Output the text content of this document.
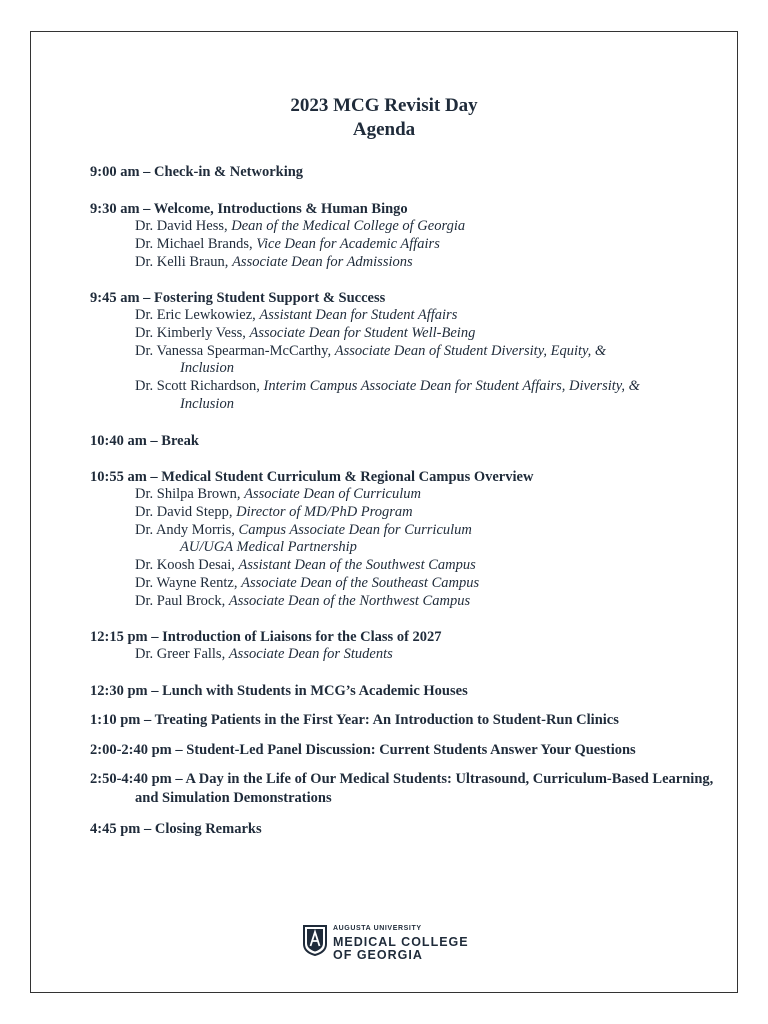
2023 MCG Revisit Day
Agenda
9:00 am – Check-in & Networking
9:30 am – Welcome, Introductions & Human Bingo
Dr. David Hess, Dean of the Medical College of Georgia
Dr. Michael Brands, Vice Dean for Academic Affairs
Dr. Kelli Braun, Associate Dean for Admissions
9:45 am – Fostering Student Support & Success
Dr. Eric Lewkowiez, Assistant Dean for Student Affairs
Dr. Kimberly Vess, Associate Dean for Student Well-Being
Dr. Vanessa Spearman-McCarthy, Associate Dean of Student Diversity, Equity, &
Inclusion
Dr. Scott Richardson, Interim Campus Associate Dean for Student Affairs, Diversity, &
Inclusion
10:40 am – Break
10:55 am – Medical Student Curriculum & Regional Campus Overview
Dr. Shilpa Brown, Associate Dean of Curriculum
Dr. David Stepp, Director of MD/PhD Program
Dr. Andy Morris, Campus Associate Dean for Curriculum
AU/UGA Medical Partnership
Dr. Koosh Desai, Assistant Dean of the Southwest Campus
Dr. Wayne Rentz, Associate Dean of the Southeast Campus
Dr. Paul Brock, Associate Dean of the Northwest Campus
12:15 pm – Introduction of Liaisons for the Class of 2027
Dr. Greer Falls, Associate Dean for Students
12:30 pm – Lunch with Students in MCG’s Academic Houses
1:10 pm – Treating Patients in the First Year: An Introduction to Student-Run Clinics
2:00-2:40 pm – Student-Led Panel Discussion: Current Students Answer Your Questions
2:50-4:40 pm – A Day in the Life of Our Medical Students: Ultrasound, Curriculum-Based Learning, and Simulation Demonstrations
4:45 pm – Closing Remarks
AUGUSTA UNIVERSITY
MEDICAL COLLEGE
OF GEORGIA
